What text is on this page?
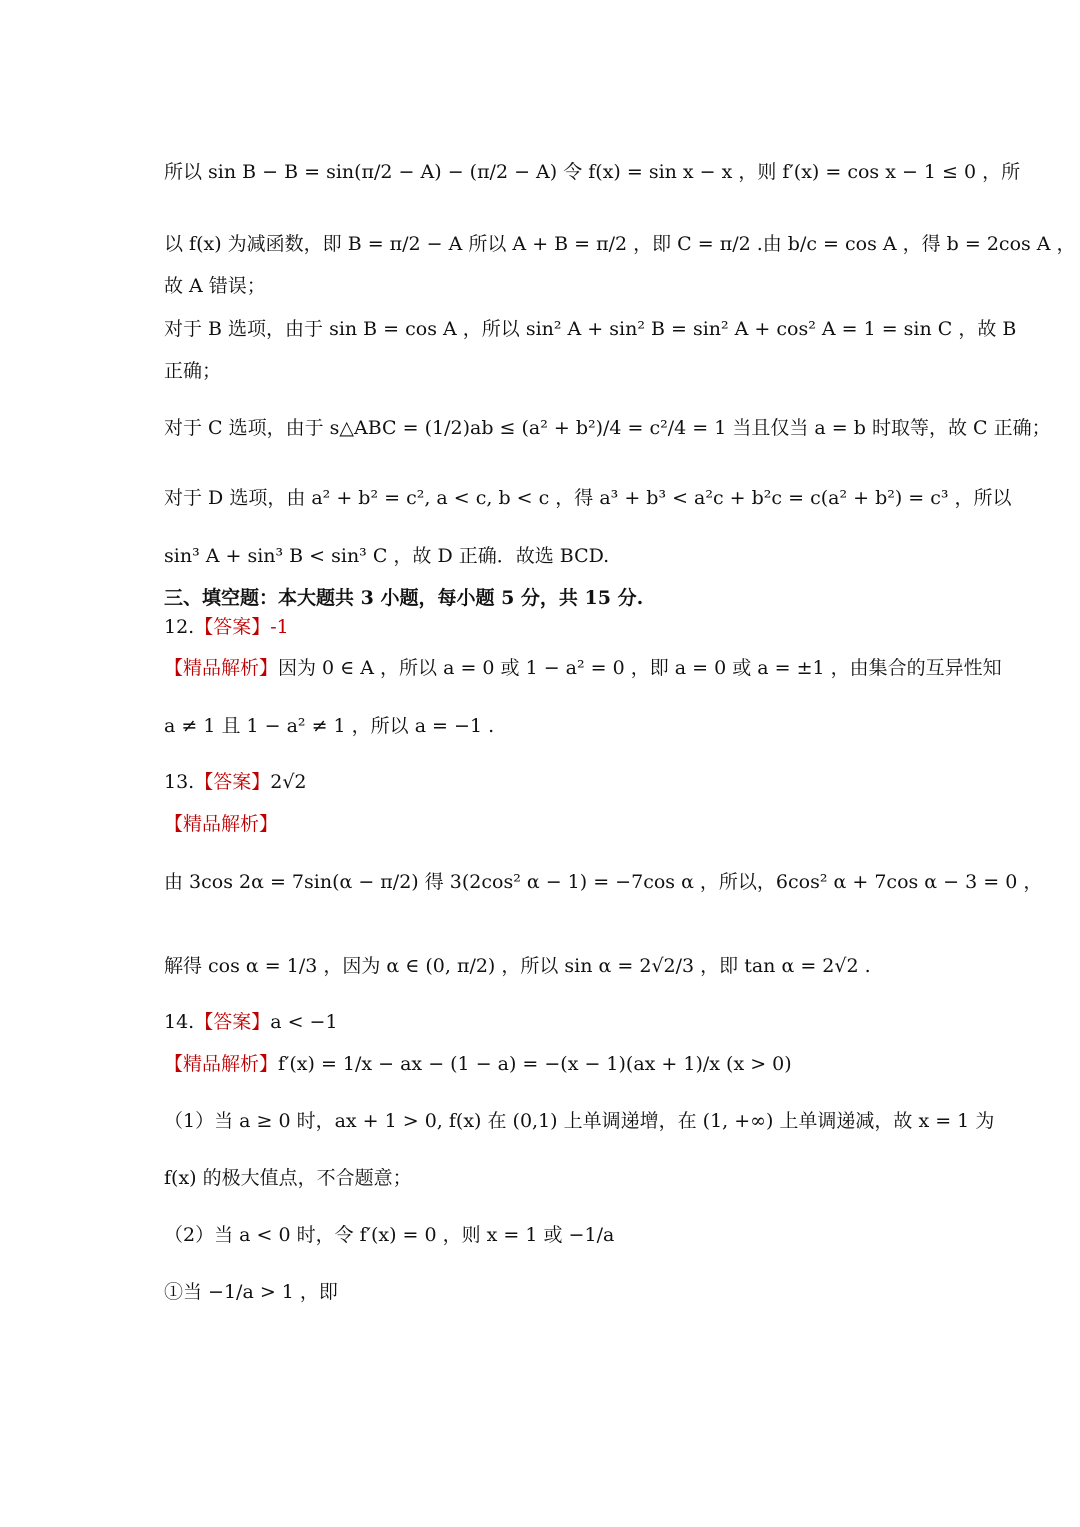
所以 sin B − B = sin(π/2 − A) − (π/2 − A) 令 f(x) = sin x − x ，则 f′(x) = cos x − 1 ≤ 0 ，所
以 f(x) 为减函数，即 B = π/2 − A 所以 A + B = π/2 ，即 C = π/2 .由 b/c = cos A ，得 b = 2cos A ，
故 A 错误；
对于 B 选项，由于 sin B = cos A ，所以 sin² A + sin² B = sin² A + cos² A = 1 = sin C ，故 B
正确；
对于 C 选项，由于 s△ABC = (1/2)ab ≤ (a² + b²)/4 = c²/4 = 1 当且仅当 a = b 时取等，故 C 正确；
对于 D 选项，由 a² + b² = c², a < c, b < c ，得 a³ + b³ < a²c + b²c = c(a² + b²) = c³ ，所以
sin³ A + sin³ B < sin³ C ，故 D 正确．故选 BCD.
三、填空题：本大题共 3 小题，每小题 5 分，共 15 分.
12.【答案】-1
【精品解析】因为 0 ∈ A ，所以 a = 0 或 1 − a² = 0 ，即 a = 0 或 a = ±1 ，由集合的互异性知
a ≠ 1 且 1 − a² ≠ 1 ，所以 a = −1 .
13.【答案】2√2
【精品解析】
由 3cos 2α = 7sin(α − π/2) 得 3(2cos² α − 1) = −7cos α ，所以，6cos² α + 7cos α − 3 = 0 ，
解得 cos α = 1/3 ，因为 α ∈ (0, π/2) ，所以 sin α = 2√2/3 ，即 tan α = 2√2 .
14.【答案】a < −1
【精品解析】f′(x) = 1/x − ax − (1 − a) = −(x − 1)(ax + 1)/x (x > 0)
（1）当 a ≥ 0 时，ax + 1 > 0, f(x) 在 (0,1) 上单调递增，在 (1, +∞) 上单调递减，故 x = 1 为
f(x) 的极大值点，不合题意；
（2）当 a < 0 时，令 f′(x) = 0 ，则 x = 1 或 −1/a
①当 −1/a > 1 ，即
